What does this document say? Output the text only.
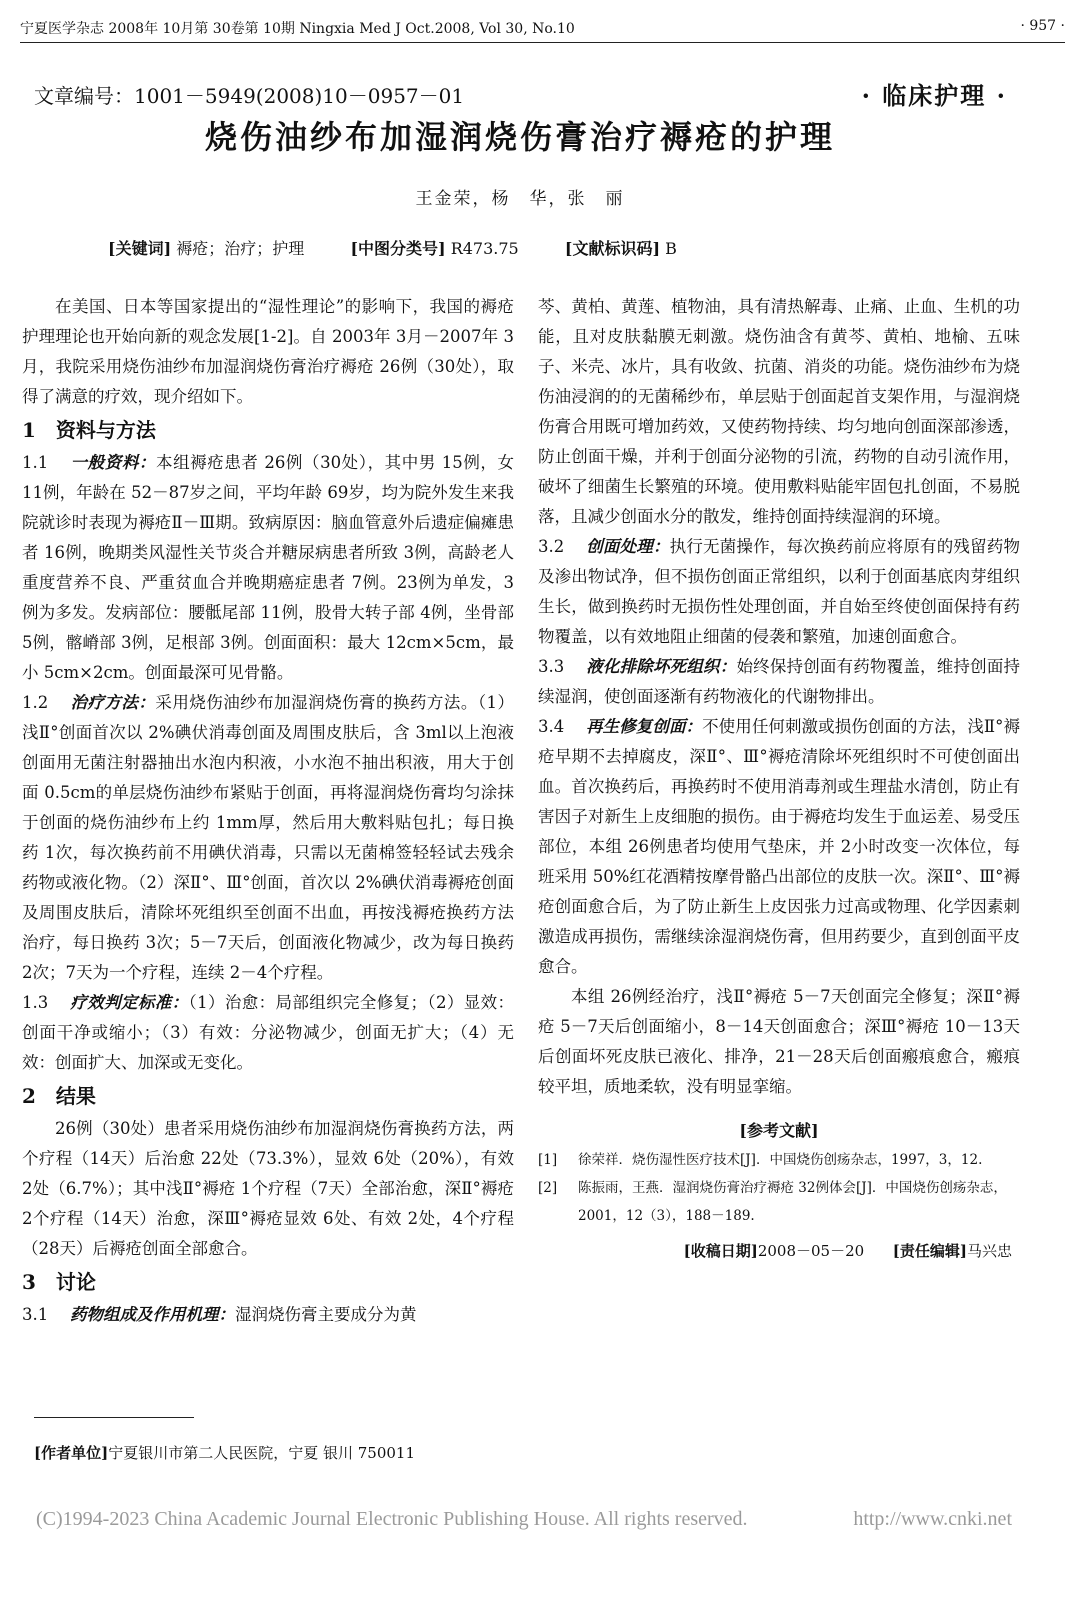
宁夏医学杂志 2008年 10月第 30卷第 10期 Ningxia Med J Oct.2008, Vol 30, No.10	· 957 ·
文章编号：1001－5949(2008)10－0957－01	· 临床护理 ·
烧伤油纱布加湿润烧伤膏治疗褥疮的护理
王金荣，杨　华，张　丽
[关键词] 褥疮；治疗；护理	[中图分类号] R473.75	[文献标识码] B

在美国、日本等国家提出的“湿性理论”的影响下，我国的褥疮护理理论也开始向新的观念发展[1-2]。自 2003年 3月－2007年 3月，我院采用烧伤油纱布加湿润烧伤膏治疗褥疮 26例（30处），取得了满意的疗效，现介绍如下。

1　资料与方法

1.1 一般资料：本组褥疮患者 26例（30处），其中男 15例，女 11例，年龄在 52－87岁之间，平均年龄 69岁，均为院外发生来我院就诊时表现为褥疮Ⅱ－Ⅲ期。致病原因：脑血管意外后遗症偏瘫患者 16例，晚期类风湿性关节炎合并糖尿病患者所致 3例，高龄老人重度营养不良、严重贫血合并晚期癌症患者 7例。23例为单发，3例为多发。发病部位：腰骶尾部 11例，股骨大转子部 4例，坐骨部 5例，髂嵴部 3例，足根部 3例。创面面积：最大 12cm×5cm，最小 5cm×2cm。创面最深可见骨骼。

1.2 治疗方法：采用烧伤油纱布加湿润烧伤膏的换药方法。（1）浅Ⅱ°创面首次以 2%碘伏消毒创面及周围皮肤后，含 3ml以上泡液创面用无菌注射器抽出水泡内积液，小水泡不抽出积液，用大于创面 0.5cm的单层烧伤油纱布紧贴于创面，再将湿润烧伤膏均匀涂抹于创面的烧伤油纱布上约 1mm厚，然后用大敷料贴包扎；每日换药 1次，每次换药前不用碘伏消毒，只需以无菌棉签轻轻试去残余药物或液化物。（2）深Ⅱ°、Ⅲ°创面，首次以 2%碘伏消毒褥疮创面及周围皮肤后，清除坏死组织至创面不出血，再按浅褥疮换药方法治疗，每日换药 3次；5－7天后，创面液化物减少，改为每日换药 2次；7天为一个疗程，连续 2－4个疗程。

1.3 疗效判定标准：（1）治愈：局部组织完全修复；（2）显效：创面干净或缩小；（3）有效：分泌物减少，创面无扩大；（4）无效：创面扩大、加深或无变化。

2　结果

26例（30处）患者采用烧伤油纱布加湿润烧伤膏换药方法，两个疗程（14天）后治愈 22处（73.3%），显效 6处（20%），有效 2处（6.7%）；其中浅Ⅱ°褥疮 1个疗程（7天）全部治愈，深Ⅱ°褥疮 2个疗程（14天）治愈，深Ⅲ°褥疮显效 6处、有效 2处，4个疗程（28天）后褥疮创面全部愈合。

3　讨论

3.1 药物组成及作用机理：湿润烧伤膏主要成分为黄

芩、黄柏、黄莲、植物油，具有清热解毒、止痛、止血、生机的功能，且对皮肤黏膜无刺激。烧伤油含有黄芩、黄柏、地榆、五味子、米壳、冰片，具有收敛、抗菌、消炎的功能。烧伤油纱布为烧伤油浸润的的无菌稀纱布，单层贴于创面起首支架作用，与湿润烧伤膏合用既可增加药效，又使药物持续、均匀地向创面深部渗透，防止创面干燥，并利于创面分泌物的引流，药物的自动引流作用，破坏了细菌生长繁殖的环境。使用敷料贴能牢固包扎创面，不易脱落，且减少创面水分的散发，维持创面持续湿润的环境。

3.2 创面处理：执行无菌操作，每次换药前应将原有的残留药物及渗出物试净，但不损伤创面正常组织，以利于创面基底肉芽组织生长，做到换药时无损伤性处理创面，并自始至终使创面保持有药物覆盖，以有效地阻止细菌的侵袭和繁殖，加速创面愈合。

3.3 液化排除坏死组织：始终保持创面有药物覆盖，维持创面持续湿润，使创面逐渐有药物液化的代谢物排出。

3.4 再生修复创面：不使用任何刺激或损伤创面的方法，浅Ⅱ°褥疮早期不去掉腐皮，深Ⅱ°、Ⅲ°褥疮清除坏死组织时不可使创面出血。首次换药后，再换药时不使用消毒剂或生理盐水清创，防止有害因子对新生上皮细胞的损伤。由于褥疮均发生于血运差、易受压部位，本组 26例患者均使用气垫床，并 2小时改变一次体位，每班采用 50%红花酒精按摩骨骼凸出部位的皮肤一次。深Ⅱ°、Ⅲ°褥疮创面愈合后，为了防止新生上皮因张力过高或物理、化学因素刺激造成再损伤，需继续涂湿润烧伤膏，但用药要少，直到创面平皮愈合。

本组 26例经治疗，浅Ⅱ°褥疮 5－7天创面完全修复；深Ⅱ°褥疮 5－7天后创面缩小，8－14天创面愈合；深Ⅲ°褥疮 10－13天后创面坏死皮肤已液化、排净，21－28天后创面瘢痕愈合，瘢痕较平坦，质地柔软，没有明显挛缩。

[参考文献]
[1] 徐荣祥．烧伤湿性医疗技术[J]．中国烧伤创疡杂志，1997，3，12.
[2] 陈振雨，王燕．湿润烧伤膏治疗褥疮 32例体会[J]．中国烧伤创疡杂志，2001，12（3），188－189.
[收稿日期]2008－05－20 [责任编辑]马兴忠
[作者单位]宁夏银川市第二人民医院，宁夏 银川 750011
(C)1994-2023 China Academic Journal Electronic Publishing House. All rights reserved.	http://www.cnki.net
